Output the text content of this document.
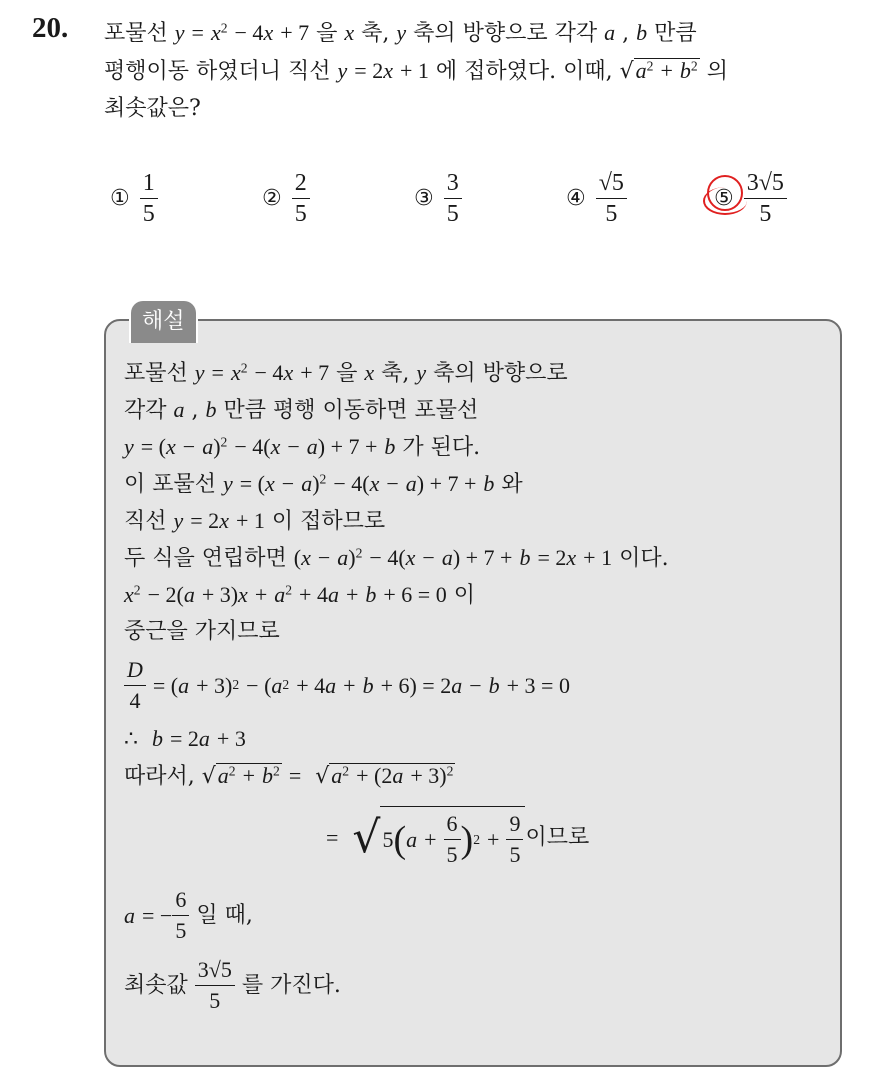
20. 포물선 $y = x^2 - 4x + 7$ 을 x 축, y 축의 방향으로 각각 a , b 만큼
평행이동 하였더니 직선 y = 2x + 1 에 접하였다. 이때, $√a^2 + b^2$ 의
최솟값은?
① $\frac{1}{5}$	② $\frac{2}{5}$	③ $\frac{3}{5}$	④ $\frac{√5}{5}$	⑤ $\frac{3√5}{5}$
해설
포물선 $y = x^2 - 4x + 7$ 을 x 축, y 축의 방향으로
각각 a , b 만큼 평행 이동하면 포물선
$y = (x - a)^2 - 4(x - a) + 7 + b$ 가 된다.
이 포물선 $y = (x - a)^2 - 4(x - a) + 7 + b$ 와
직선 y = 2x + 1 이 접하므로
두 식을 연립하면 $(x - a)^2 - 4(x - a) + 7 + b = 2x + 1$ 이다.
$x^2 - 2(a + 3)x + a^2 + 4a + b + 6 = 0$ 이
중근을 가지므로
$\frac{D}{4}$
= ( a
+ 3) 2
− ( a 2
+ 4 a
+
b
+ 6) = 2 a
−
b
+ 3 = 0
∴ b = 2a + 3
따라서, $√a^2 + b^2 = √a^2 + (2a + 3)^2$
=
√ 5 ( a
+
$\frac{6}{5}$ ) 2
+
$\frac{9}{5}$ 이므로
a
= − $\frac{6}{5}$ 일 때,
최솟값 $\frac{3√5}{5}$ 를 가진다.
